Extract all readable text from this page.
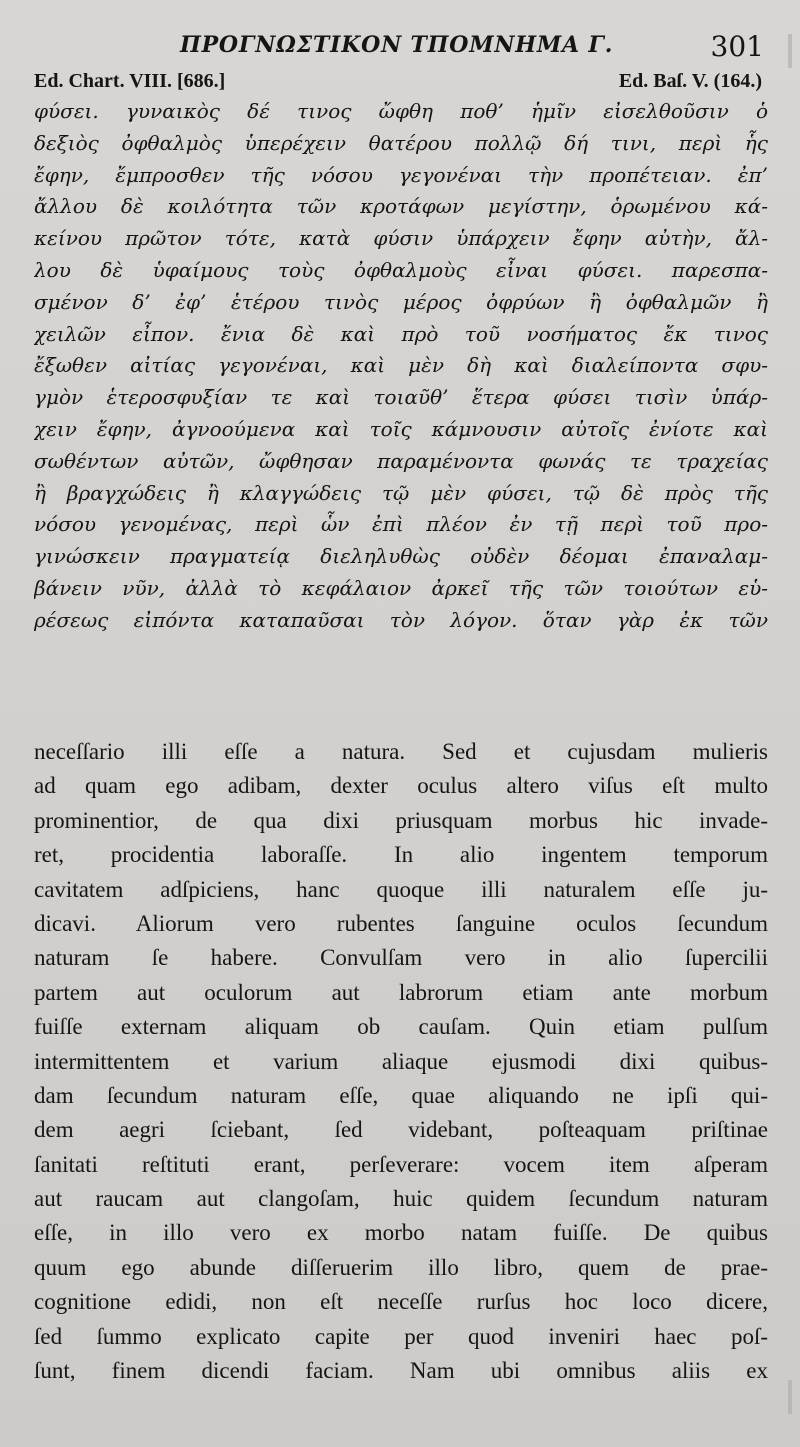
ΠΡΟΓΝΩΣΤΙΚΟΝ ΤΠΟΜΝΗΜΑ Γ.	301
Ed. Chart. VIII. [686.]	Ed. Baſ. V. (164.)
φύσει. γυναικὸς δέ τινος ὤφθη ποθ’ ἡμῖν εἰσελθοῦσιν ὁ
δεξιὸς ὀφθαλμὸς ὑπερέχειν θατέρου πολλῷ δή τινι, περὶ ἧς
ἔφην, ἔμπροσθεν τῆς νόσου γεγονέναι τὴν προπέτειαν. ἐπ’
ἄλλου δὲ κοιλότητα τῶν κροτάφων μεγίστην, ὁρωμένου κά-
κείνου πρῶτον τότε, κατὰ φύσιν ὑπάρχειν ἔφην αὐτὴν, ἄλ-
λου δὲ ὑφαίμους τοὺς ὀφθαλμοὺς εἶναι φύσει. παρεσπα-
σμένον δ’ ἐφ’ ἑτέρου τινὸς μέρος ὀφρύων ἢ ὀφθαλμῶν ἢ
χειλῶν εἶπον. ἔνια δὲ καὶ πρὸ τοῦ νοσήματος ἔκ τινος
ἔξωθεν αἰτίας γεγονέναι, καὶ μὲν δὴ καὶ διαλείποντα σφυ-
γμὸν ἑτεροσφυξίαν τε καὶ τοιαῦθ’ ἕτερα φύσει τισὶν ὑπάρ-
χειν ἔφην, ἀγνοούμενα καὶ τοῖς κάμνουσιν αὐτοῖς ἐνίοτε καὶ
σωθέντων αὐτῶν, ὤφθησαν παραμένοντα φωνάς τε τραχείας
ἢ βραγχώδεις ἢ κλαγγώδεις τῷ μὲν φύσει, τῷ δὲ πρὸς τῆς
νόσου γενομένας, περὶ ὧν ἐπὶ πλέον ἐν τῇ περὶ τοῦ προ-
γινώσκειν πραγματείᾳ διεληλυθὼς οὐδὲν δέομαι ἐπαναλαμ-
βάνειν νῦν, ἀλλὰ τὸ κεφάλαιον ἀρκεῖ τῆς τῶν τοιούτων εὑ-
ρέσεως εἰπόντα καταπαῦσαι τὸν λόγον. ὅταν γὰρ ἐκ τῶν
neceſſario illi eſſe a natura. Sed et cujusdam mulieris
ad quam ego adibam, dexter oculus altero viſus eſt multo
prominentior, de qua dixi priusquam morbus hic invade-
ret, procidentia laboraſſe. In alio ingentem temporum
cavitatem adſpiciens, hanc quoque illi naturalem eſſe ju-
dicavi. Aliorum vero rubentes ſanguine oculos ſecundum
naturam ſe habere. Convulſam vero in alio ſupercilii
partem aut oculorum aut labrorum etiam ante morbum
fuiſſe externam aliquam ob cauſam. Quin etiam pulſum
intermittentem et varium aliaque ejusmodi dixi quibus-
dam ſecundum naturam eſſe, quae aliquando ne ipſi qui-
dem aegri ſciebant, ſed videbant, poſteaquam priſtinae
ſanitati reſtituti erant, perſeverare: vocem item aſperam
aut raucam aut clangoſam, huic quidem ſecundum naturam
eſſe, in illo vero ex morbo natam fuiſſe. De quibus
quum ego abunde diſſeruerim illo libro, quem de prae-
cognitione edidi, non eſt neceſſe rurſus hoc loco dicere,
ſed ſummo explicato capite per quod inveniri haec poſ-
ſunt, finem dicendi faciam. Nam ubi omnibus aliis ex
